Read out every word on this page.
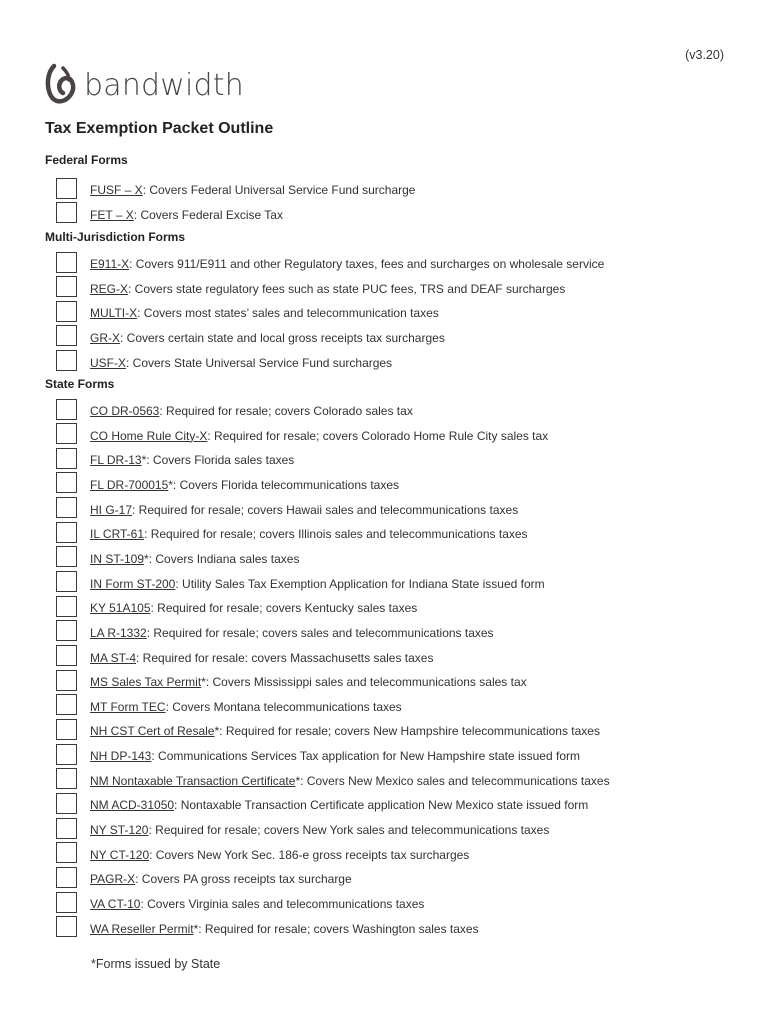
(v3.20)
bandwidth
Tax Exemption Packet Outline
Federal Forms
FUSF – X: Covers Federal Universal Service Fund surcharge
FET – X: Covers Federal Excise Tax
Multi-Jurisdiction Forms
E911-X: Covers 911/E911 and other Regulatory taxes, fees and surcharges on wholesale service
REG-X: Covers state regulatory fees such as state PUC fees, TRS and DEAF surcharges
MULTI-X: Covers most states’ sales and telecommunication taxes
GR-X: Covers certain state and local gross receipts tax surcharges
USF-X: Covers State Universal Service Fund surcharges
State Forms
CO DR-0563: Required for resale; covers Colorado sales tax
CO Home Rule City-X: Required for resale; covers Colorado Home Rule City sales tax
FL DR-13*: Covers Florida sales taxes
FL DR-700015*: Covers Florida telecommunications taxes
HI G-17: Required for resale; covers Hawaii sales and telecommunications taxes
IL CRT-61: Required for resale; covers Illinois sales and telecommunications taxes
IN ST-109*: Covers Indiana sales taxes
IN Form ST-200: Utility Sales Tax Exemption Application for Indiana State issued form
KY 51A105: Required for resale; covers Kentucky sales taxes
LA R-1332: Required for resale; covers sales and telecommunications taxes
MA ST-4: Required for resale: covers Massachusetts sales taxes
MS Sales Tax Permit*: Covers Mississippi sales and telecommunications sales tax
MT Form TEC: Covers Montana telecommunications taxes
NH CST Cert of Resale*: Required for resale; covers New Hampshire telecommunications taxes
NH DP-143: Communications Services Tax application for New Hampshire state issued form
NM Nontaxable Transaction Certificate*: Covers New Mexico sales and telecommunications taxes
NM ACD-31050: Nontaxable Transaction Certificate application New Mexico state issued form
NY ST-120: Required for resale; covers New York sales and telecommunications taxes
NY CT-120: Covers New York Sec. 186-e gross receipts tax surcharges
PAGR-X: Covers PA gross receipts tax surcharge
VA CT-10: Covers Virginia sales and telecommunications taxes
WA Reseller Permit*: Required for resale; covers Washington sales taxes
*Forms issued by State
